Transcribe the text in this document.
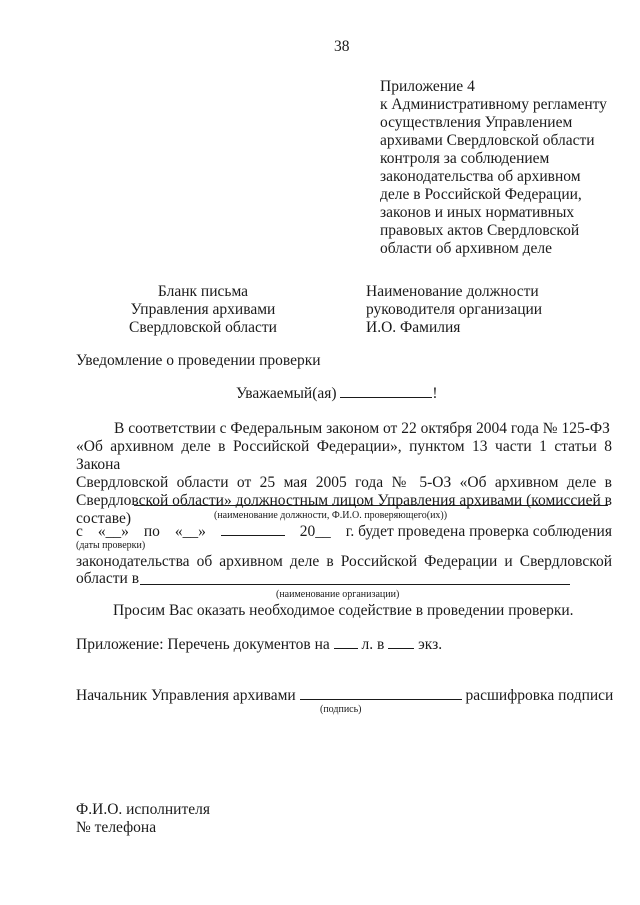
38
Приложение 4
к Административному регламенту
осуществления Управлением
архивами Свердловской области
контроля за соблюдением
законодательства об архивном
деле в Российской Федерации,
законов и иных нормативных
правовых актов Свердловской
области об архивном деле
Бланк письма
Управления архивами
Свердловской области
Наименование должности
руководителя организации
И.О. Фамилия
Уведомление о проведении проверки
Уважаемый(ая)	!
В соответствии с Федеральным законом от 22 октября 2004 года № 125-ФЗ
«Об архивном деле в Российской Федерации», пунктом 13 части 1 статьи 8 Закона
Свердловской области от 25 мая 2005 года № 5-ОЗ «Об архивном деле в
Свердловской области» должностным лицом Управления архивами (комиссией в
составе)	(наименование должности, Ф.И.О. проверяющего(их))
с «__» по «__»	20__ г. будет проведена проверка соблюдения
(даты проверки)
законодательства об архивном деле в Российской Федерации и Свердловской
области в
(наименование организации)
Просим Вас оказать необходимое содействие в проведении проверки.
Приложение: Перечень документов на л. в экз.
Начальник Управления архивами	расшифровка подписи
(подпись)
Ф.И.О. исполнителя
№ телефона
